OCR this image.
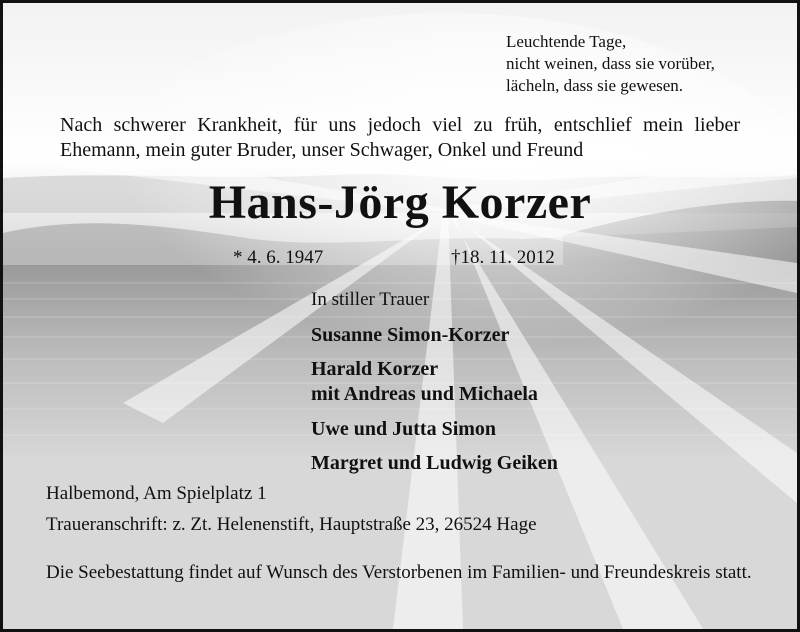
Leuchtende Tage,
nicht weinen, dass sie vorüber,
lächeln, dass sie gewesen.
Nach schwerer Krankheit, für uns jedoch viel zu früh, entschlief mein lieber
Ehemann, mein guter Bruder, unser Schwager, Onkel und Freund
Hans-Jörg Korzer
* 4. 6. 1947	†18. 11. 2012
In stiller Trauer
Susanne Simon-Korzer
Harald Korzer
mit Andreas und Michaela
Uwe und Jutta Simon
Margret und Ludwig Geiken
Halbemond, Am Spielplatz 1
Traueranschrift: z. Zt. Helenenstift, Hauptstraße 23, 26524 Hage
Die Seebestattung findet auf Wunsch des Verstorbenen im Familien- und Freundeskreis statt.
